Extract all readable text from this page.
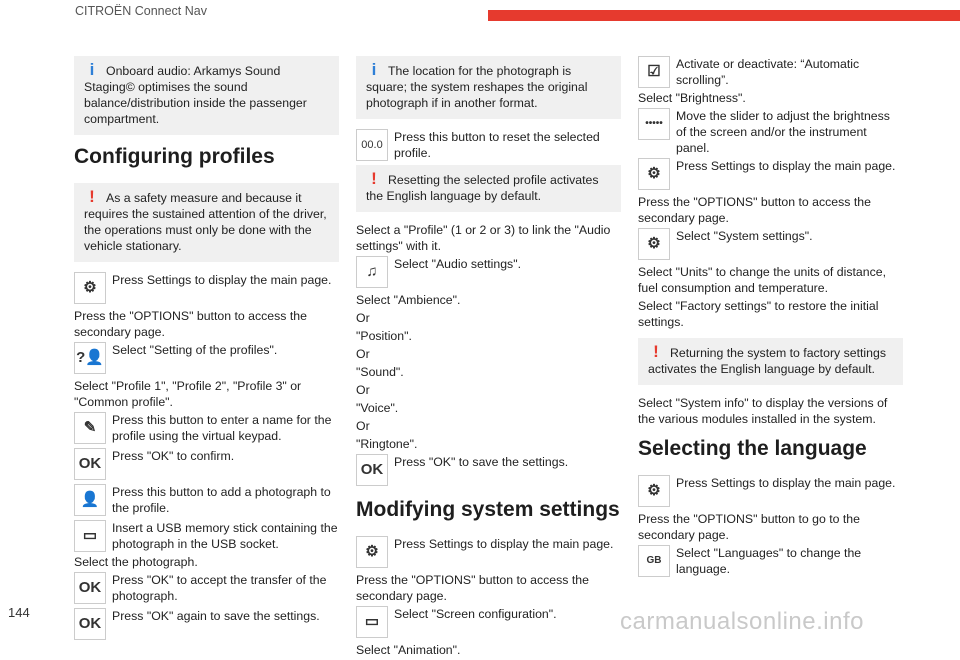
CITROËN Connect Nav
144	carmanualsonline.info
i Onboard audio: Arkamys Sound Staging© optimises the sound balance/distribution inside the passenger compartment.
Configuring profiles
! As a safety measure and because it requires the sustained attention of the driver, the operations must only be done with the vehicle stationary.
⚙	Press Settings to display the main page.

Press the "OPTIONS" button to access the secondary page.

?👤 Select "Setting of the profiles".

Select "Profile 1", "Profile 2", "Profile 3" or "Common profile".

✎	Press this button to enter a name for the profile using the virtual keypad.

OK Press "OK" to confirm.

👤	Press this button to add a photograph to the profile.

▭	Insert a USB memory stick containing the photograph in the USB socket.

Select the photograph.

OK Press "OK" to accept the transfer of the photograph.

OK Press "OK" again to save the settings.

i The location for the photograph is square; the system reshapes the original photograph if in another format.
00.0

Press this button to reset the selected profile.

! Resetting the selected profile activates the English language by default.

Select a "Profile" (1 or 2 or 3) to link the "Audio settings" with it.

♫	Select "Audio settings".

Select "Ambience".

Or

"Position".

Or

"Sound".

Or

"Voice".

Or

"Ringtone".

OK Press "OK" to save the settings.

Modifying system settings
⚙	Press Settings to display the main page.

Press the "OPTIONS" button to access the secondary page.

▭	Select "Screen configuration".

Select "Animation".

☑	Activate or deactivate: “Automatic scrolling”.

Select "Brightness".

•••••

Move the slider to adjust the brightness of the screen and/or the instrument panel.

⚙	Press Settings to display the main page.

Press the "OPTIONS" button to access the secondary page.

⚙	Select "System settings".

Select "Units" to change the units of distance, fuel consumption and temperature.

Select "Factory settings" to restore the initial settings.

! Returning the system to factory settings activates the English language by default.

Select "System info" to display the versions of the various modules installed in the system.

Selecting the language
⚙	Press Settings to display the main page.

Press the "OPTIONS" button to go to the secondary page.

GB

Select "Languages" to change the language.
